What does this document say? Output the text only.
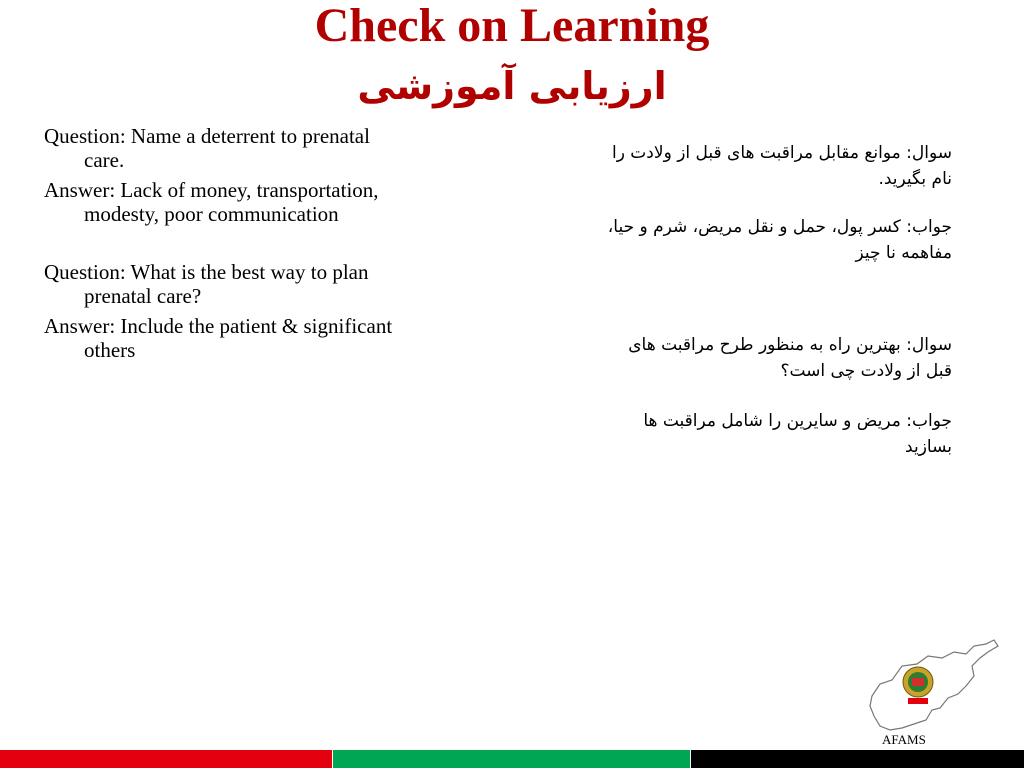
Check on Learning
ارزیابی آموزشی

Question: Name a deterrent to prenatal care.

Answer: Lack of money, transportation, modesty, poor communication

Question: What is the best way to plan prenatal care?

Answer: Include the patient & significant others

سوال: موانع مقابل مراقبت های قبل از ولادت را نام بگیرید.

جواب: کسر پول، حمل و نقل مریض، شرم و حیا، مفاهمه نا چیز

سوال: بهترین راه به منظور طرح مراقبت های قبل از ولادت چی است؟

جواب: مریض و سایرین را شامل مراقبت ها بسازید

AFAMS
